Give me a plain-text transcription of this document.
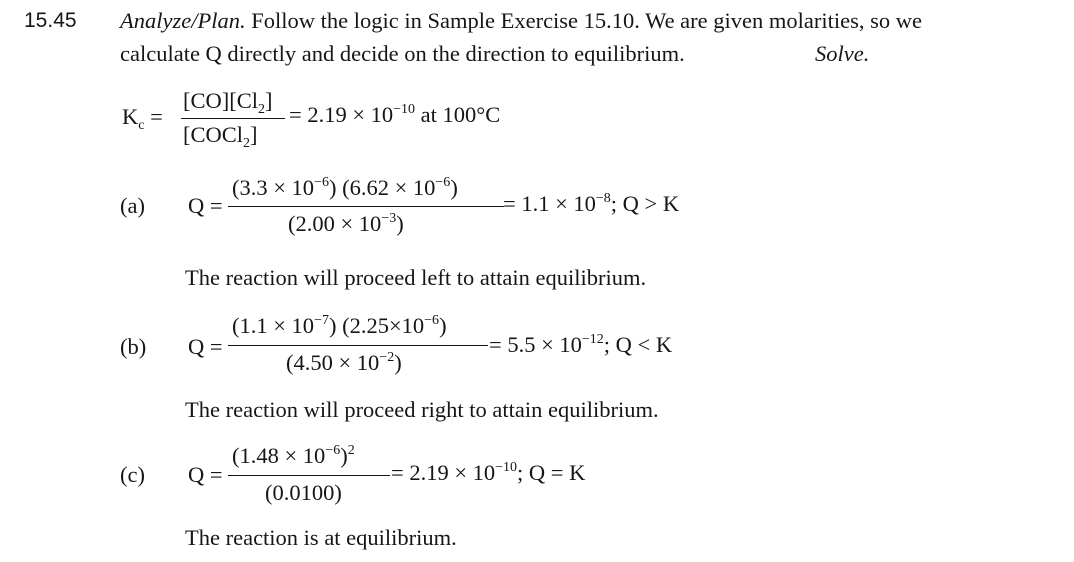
15.45 Analyze/Plan. Follow the logic in Sample Exercise 15.10. We are given molarities, so we
calculate Q directly and decide on the direction to equilibrium.	Solve.
$K_c$ =
$[CO][Cl_2]$
[COCl$_2$]
= $2.19 \times 10^{-10}$ at 100°C
(a) Q =
$(3.3 \times 10^{-6})$ $(6.62 \times 10^{-6})$
$(2.00 \times 10^{-3})$
= $1.1 \times 10^{-8}$; Q > K
The reaction will proceed left to attain equilibrium.
(b) Q =
$(1.1 \times 10^{-7})$ $(2.25\times 10^{-6})$
$(4.50 \times 10^{-2})$
= $5.5 \times 10^{-12}$; Q < K
The reaction will proceed right to attain equilibrium.
(c) Q =
$(1.48 \times 10^{-6})^2$
(0.0100)
= $2.19 \times 10^{-10}$; Q = K
The reaction is at equilibrium.
